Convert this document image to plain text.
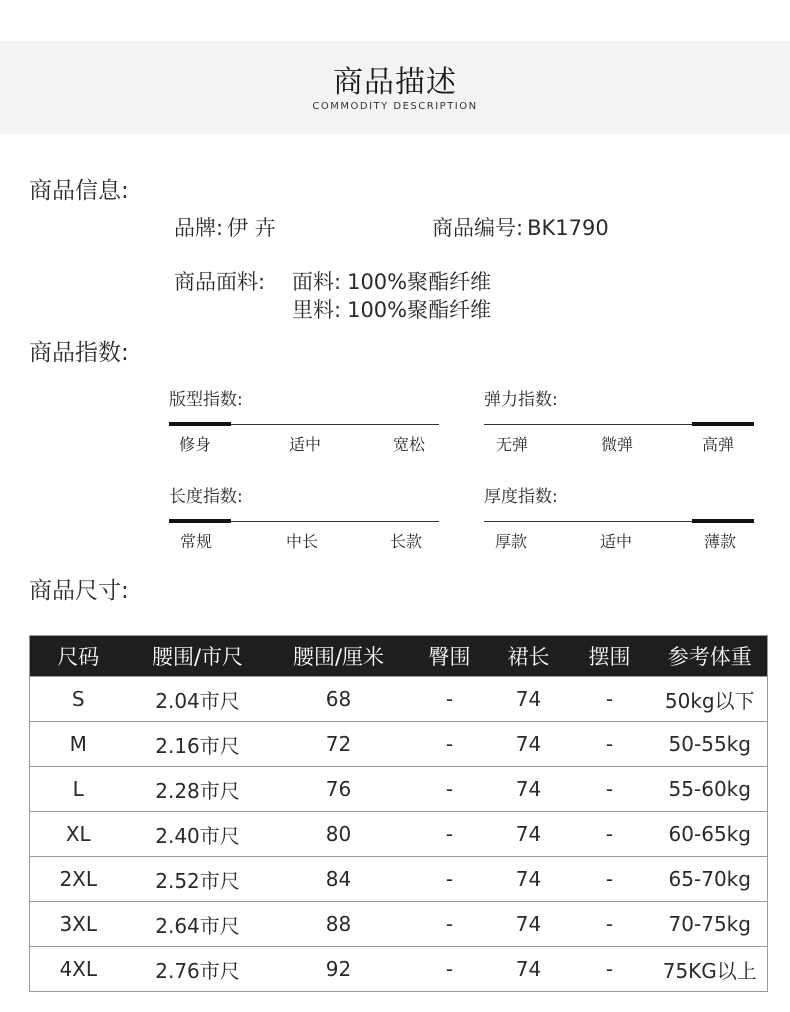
商品描述
COMMODITY DESCRIPTION
商品信息:
品牌: 伊 卉	商品编号: BK1790
商品面料: 面料: 100%聚酯纤维
里料: 100%聚酯纤维
商品指数:
版型指数:
修身	适中	宽松
弹力指数:
无弹	微弹	高弹
长度指数:
常规	中长	长款
厚度指数:
厚款	适中	薄款
商品尺寸:
尺码	腰围/市尺	腰围/厘米	臀围	裙长	摆围	参考体重
S	2.04市尺	68	-	74	-	50kg以下
M	2.16市尺	72	-	74	-	50-55kg
L	2.28市尺	76	-	74	-	55-60kg
XL	2.40市尺	80	-	74	-	60-65kg
2XL	2.52市尺	84	-	74	-	65-70kg
3XL	2.64市尺	88	-	74	-	70-75kg
4XL	2.76市尺	92	-	74	-	75KG以上
